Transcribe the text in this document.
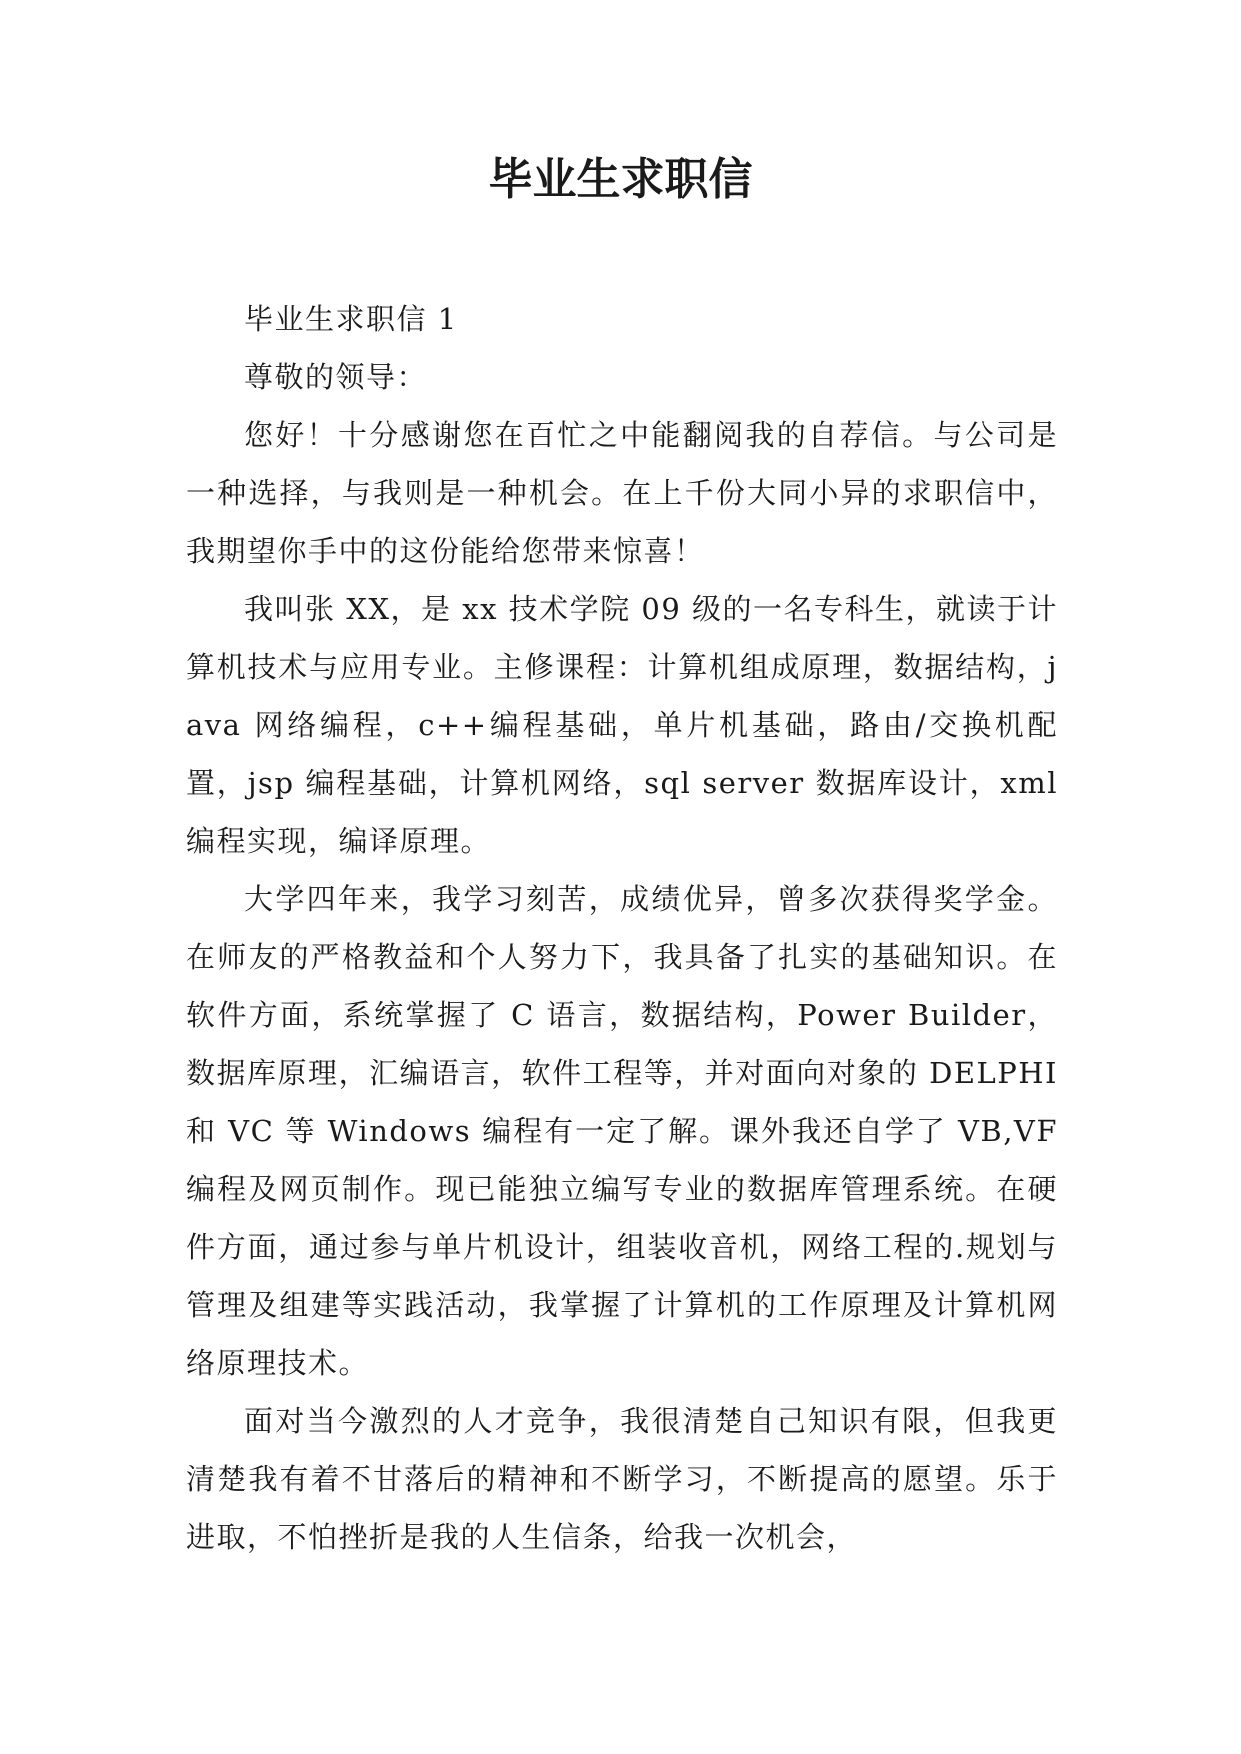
毕业生求职信

毕业生求职信 1

尊敬的领导：

您好！十分感谢您在百忙之中能翻阅我的自荐信。与公司是一种选择，与我则是一种机会。在上千份大同小异的求职信中，我期望你手中的这份能给您带来惊喜！

我叫张 XX，是 xx 技术学院 09 级的一名专科生，就读于计算机技术与应用专业。主修课程：计算机组成原理，数据结构，java 网络编程，c++编程基础，单片机基础，路由/交换机配置，jsp 编程基础，计算机网络，sql server 数据库设计，xml 编程实现，编译原理。

大学四年来，我学习刻苦，成绩优异，曾多次获得奖学金。在师友的严格教益和个人努力下，我具备了扎实的基础知识。在软件方面，系统掌握了 C 语言，数据结构，Power Builder，数据库原理，汇编语言，软件工程等，并对面向对象的 DELPHI 和 VC 等 Windows 编程有一定了解。课外我还自学了 VB,VF 编程及网页制作。现已能独立编写专业的数据库管理系统。在硬件方面，通过参与单片机设计，组装收音机，网络工程的.规划与管理及组建等实践活动，我掌握了计算机的工作原理及计算机网络原理技术。

面对当今激烈的人才竞争，我很清楚自己知识有限，但我更清楚我有着不甘落后的精神和不断学习，不断提高的愿望。乐于进取，不怕挫折是我的人生信条，给我一次机会，
